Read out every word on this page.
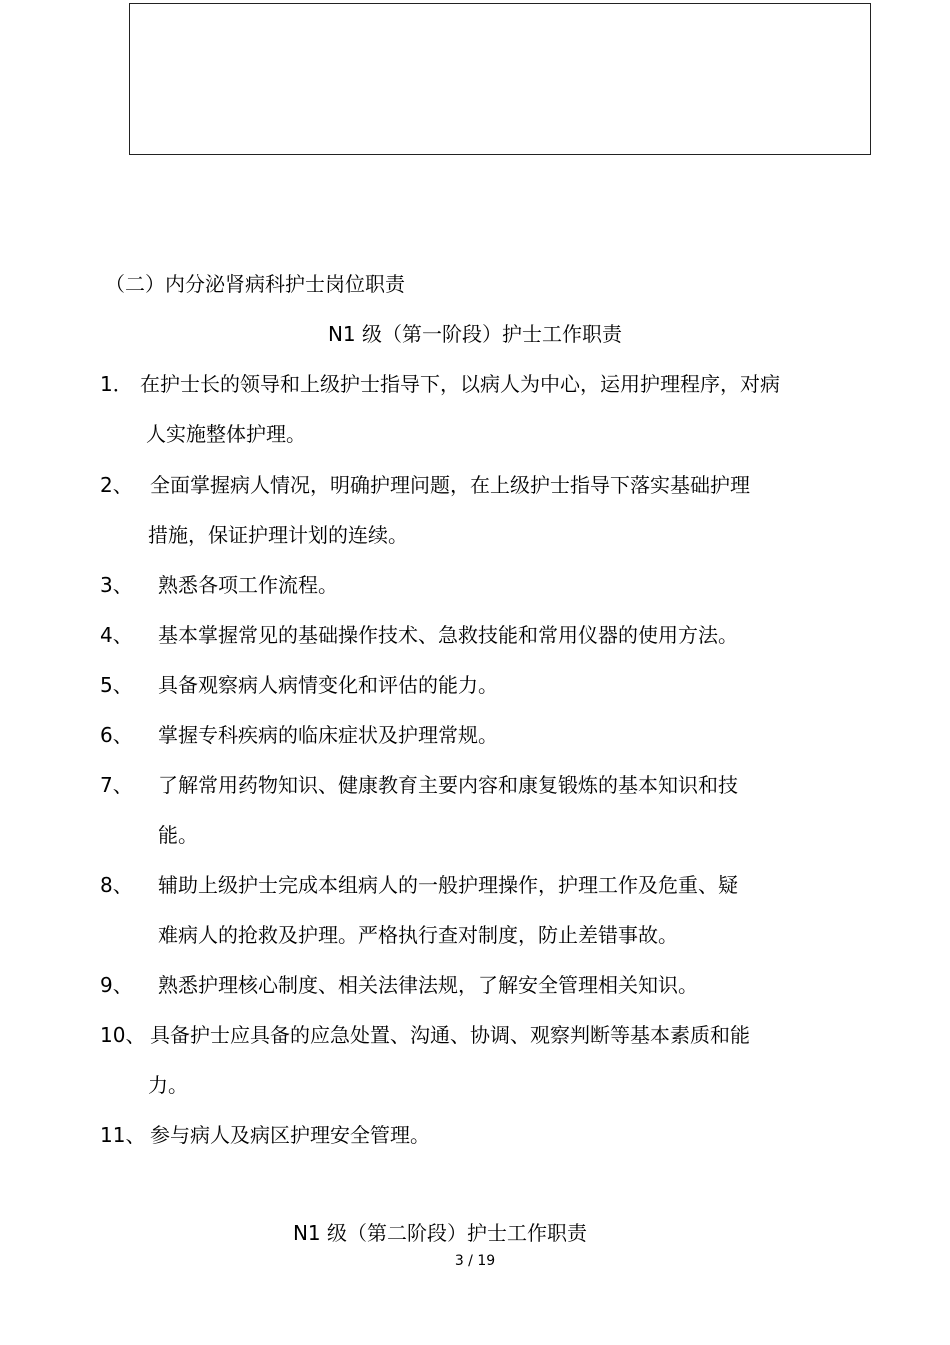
（二）内分泌肾病科护士岗位职责
N1 级（第一阶段）护士工作职责
1． 在护士长的领导和上级护士指导下，以病人为中心，运用护理程序，对病
人实施整体护理。
2、 全面掌握病人情况，明确护理问题，在上级护士指导下落实基础护理
措施，保证护理计划的连续。
3、 熟悉各项工作流程。
4、 基本掌握常见的基础操作技术、急救技能和常用仪器的使用方法。
5、 具备观察病人病情变化和评估的能力。
6、 掌握专科疾病的临床症状及护理常规。
7、 了解常用药物知识、健康教育主要内容和康复锻炼的基本知识和技
能。
8、 辅助上级护士完成本组病人的一般护理操作，护理工作及危重、疑
难病人的抢救及护理。严格执行查对制度，防止差错事故。
9、 熟悉护理核心制度、相关法律法规，了解安全管理相关知识。
10、 具备护士应具备的应急处置、沟通、协调、观察判断等基本素质和能
力。
11、 参与病人及病区护理安全管理。
N1 级（第二阶段）护士工作职责
3 / 19
